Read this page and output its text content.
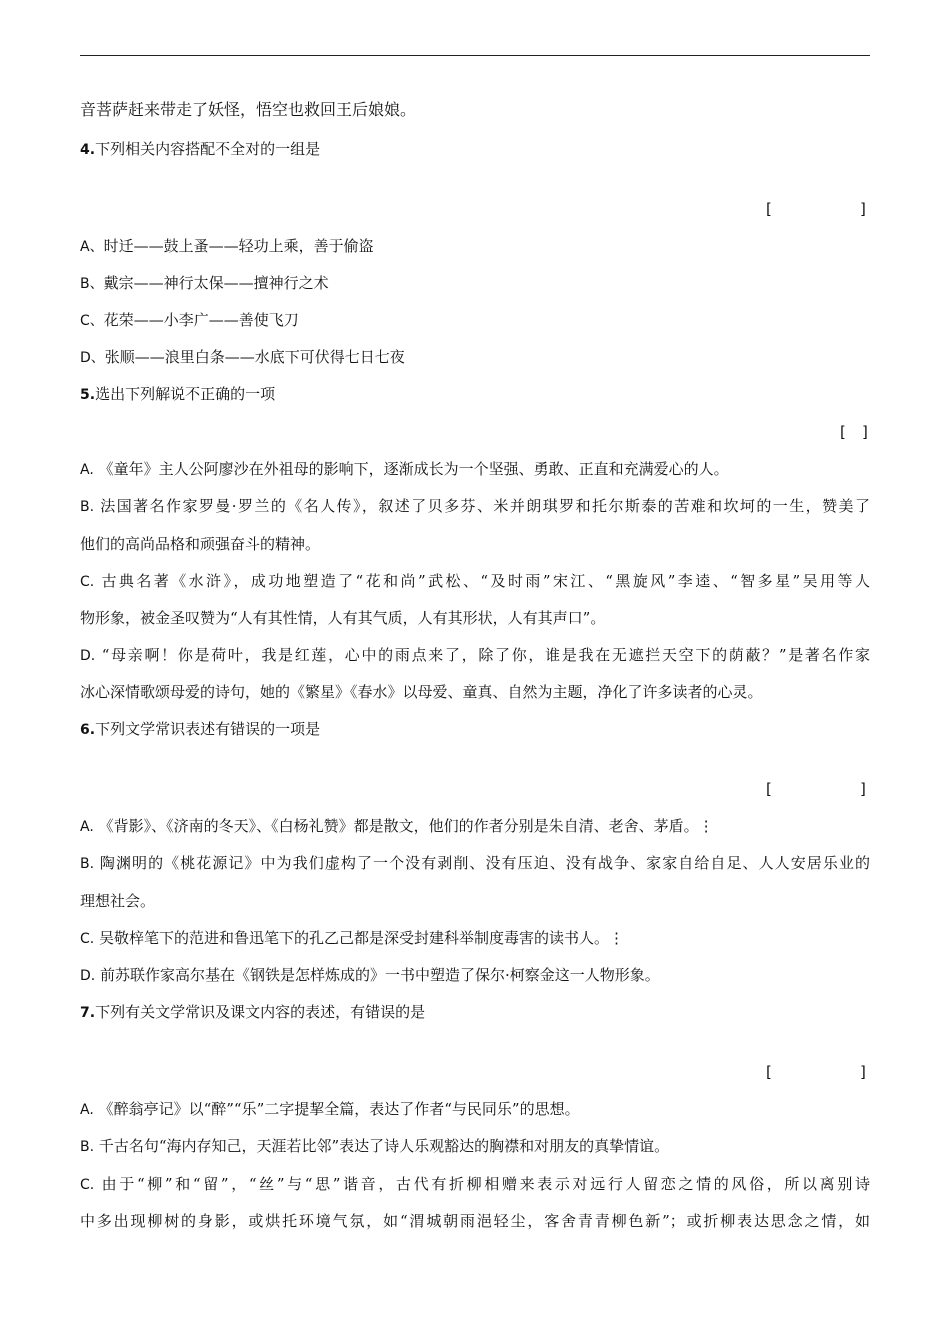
音菩萨赶来带走了妖怪，悟空也救回王后娘娘。
4.下列相关内容搭配不全对的一组是
[	]
A、时迁——鼓上蚤——轻功上乘，善于偷盗
B、戴宗——神行太保——擅神行之术
C、花荣——小李广——善使飞刀
D、张顺——浪里白条——水底下可伏得七日七夜
5.选出下列解说不正确的一项
[ ]
A. 《童年》主人公阿廖沙在外祖母的影响下，逐渐成长为一个坚强、勇敢、正直和充满爱心的人。
B. 法国著名作家罗曼·罗兰的《名人传》，叙述了贝多芬、米并朗琪罗和托尔斯泰的苦难和坎坷的一生，赞美了
他们的高尚品格和顽强奋斗的精神。
C. 古典名著《水浒》，成功地塑造了“花和尚”武松、“及时雨”宋江、“黑旋风”李逵、“智多星”吴用等人
物形象，被金圣叹赞为“人有其性情，人有其气质，人有其形状，人有其声口”。
D. “母亲啊！你是荷叶，我是红莲，心中的雨点来了，除了你，谁是我在无遮拦天空下的荫蔽？”是著名作家
冰心深情歌颂母爱的诗句，她的《繁星》《春水》以母爱、童真、自然为主题，净化了许多读者的心灵。
6.下列文学常识表述有错误的一项是
[	]
A. 《背影》、《济南的冬天》、《白杨礼赞》都是散文，他们的作者分别是朱自清、老舍、茅盾。⋮
B. 陶渊明的《桃花源记》中为我们虚构了一个没有剥削、没有压迫、没有战争、家家自给自足、人人安居乐业的
理想社会。
C. 吴敬梓笔下的范进和鲁迅笔下的孔乙己都是深受封建科举制度毒害的读书人。⋮
D. 前苏联作家高尔基在《钢铁是怎样炼成的》一书中塑造了保尔·柯察金这一人物形象。
7.下列有关文学常识及课文内容的表述，有错误的是
[	]
A. 《醉翁亭记》以“醉”“乐”二字提挈全篇，表达了作者“与民同乐”的思想。
B. 千古名句“海内存知己，天涯若比邻”表达了诗人乐观豁达的胸襟和对朋友的真挚情谊。
C. 由于“柳”和“留”，“丝”与“思”谐音，古代有折柳相赠来表示对远行人留恋之情的风俗，所以离别诗
中多出现柳树的身影，或烘托环境气氛，如“渭城朝雨浥轻尘，客舍青青柳色新”；或折柳表达思念之情，如
